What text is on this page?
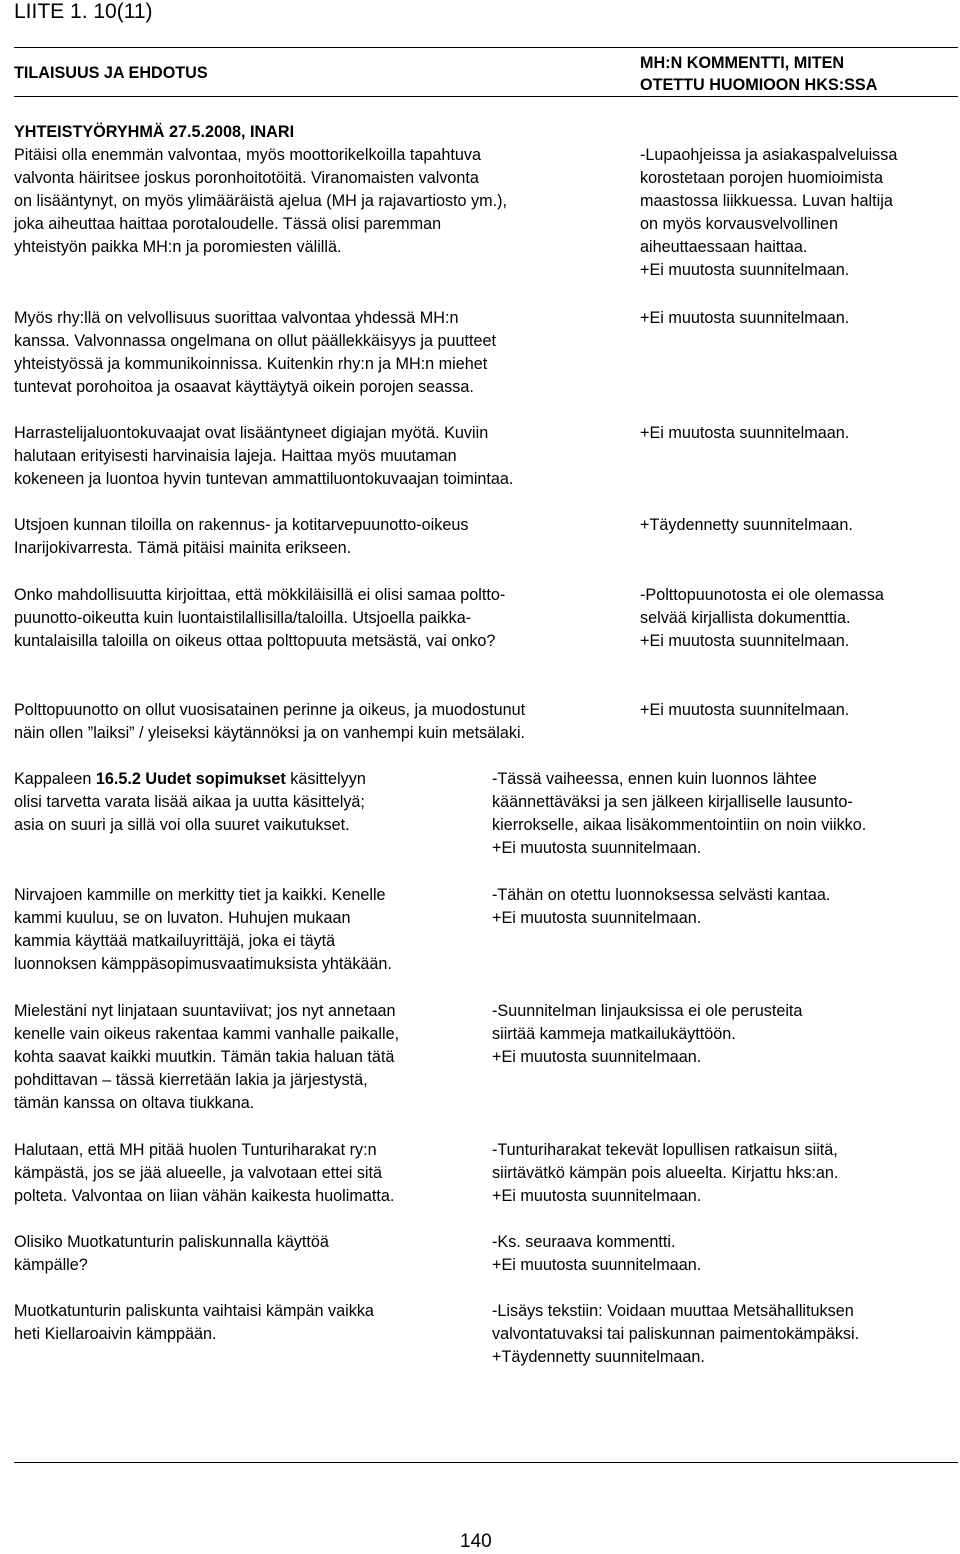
LIITE 1. 10(11)
TILAISUUS JA EHDOTUS
MH:N KOMMENTTI, MITEN
OTETTU HUOMIOON HKS:SSA
YHTEISTYÖRYHMÄ 27.5.2008, INARI
Pitäisi olla enemmän valvontaa, myös moottorikelkoilla tapahtuva
valvonta häiritsee joskus poronhoitotöitä. Viranomaisten valvonta
on lisääntynyt, on myös ylimääräistä ajelua (MH ja rajavartiosto ym.),
joka aiheuttaa haittaa porotaloudelle. Tässä olisi paremman
yhteistyön paikka MH:n ja poromiesten välillä.
-Lupaohjeissa ja asiakaspalveluissa
korostetaan porojen huomioimista
maastossa liikkuessa. Luvan haltija
on myös korvausvelvollinen
aiheuttaessaan haittaa.
+Ei muutosta suunnitelmaan.
Myös rhy:llä on velvollisuus suorittaa valvontaa yhdessä MH:n
kanssa. Valvonnassa ongelmana on ollut päällekkäisyys ja puutteet
yhteistyössä ja kommunikoinnissa. Kuitenkin rhy:n ja MH:n miehet
tuntevat porohoitoa ja osaavat käyttäytyä oikein porojen seassa.
+Ei muutosta suunnitelmaan.
Harrastelijaluontokuvaajat ovat lisääntyneet digiajan myötä. Kuviin
halutaan erityisesti harvinaisia lajeja. Haittaa myös muutaman
kokeneen ja luontoa hyvin tuntevan ammattiluontokuvaajan toimintaa.
+Ei muutosta suunnitelmaan.
Utsjoen kunnan tiloilla on rakennus- ja kotitarvepuunotto-oikeus
Inarijokivarresta. Tämä pitäisi mainita erikseen.
+Täydennetty suunnitelmaan.
Onko mahdollisuutta kirjoittaa, että mökkiläisillä ei olisi samaa poltto-
puunotto-oikeutta kuin luontaistilallisilla/taloilla. Utsjoella paikka-
kuntalaisilla taloilla on oikeus ottaa polttopuuta metsästä, vai onko?
-Polttopuunotosta ei ole olemassa
selvää kirjallista dokumenttia.
+Ei muutosta suunnitelmaan.
Polttopuunotto on ollut vuosisatainen perinne ja oikeus, ja muodostunut
näin ollen ”laiksi” / yleiseksi käytännöksi ja on vanhempi kuin metsälaki.
+Ei muutosta suunnitelmaan.
Kappaleen 16.5.2 Uudet sopimukset käsittelyyn
olisi tarvetta varata lisää aikaa ja uutta käsittelyä;
asia on suuri ja sillä voi olla suuret vaikutukset.
-Tässä vaiheessa, ennen kuin luonnos lähtee
käännettäväksi ja sen jälkeen kirjalliselle lausunto-
kierrokselle, aikaa lisäkommentointiin on noin viikko.
+Ei muutosta suunnitelmaan.
Nirvajoen kammille on merkitty tiet ja kaikki. Kenelle
kammi kuuluu, se on luvaton. Huhujen mukaan
kammia käyttää matkailuyrittäjä, joka ei täytä
luonnoksen kämppäsopimusvaatimuksista yhtäkään.
-Tähän on otettu luonnoksessa selvästi kantaa.
+Ei muutosta suunnitelmaan.
Mielestäni nyt linjataan suuntaviivat; jos nyt annetaan
kenelle vain oikeus rakentaa kammi vanhalle paikalle,
kohta saavat kaikki muutkin. Tämän takia haluan tätä
pohdittavan – tässä kierretään lakia ja järjestystä,
tämän kanssa on oltava tiukkana.
-Suunnitelman linjauksissa ei ole perusteita
siirtää kammeja matkailukäyttöön.
+Ei muutosta suunnitelmaan.
Halutaan, että MH pitää huolen Tunturiharakat ry:n
kämpästä, jos se jää alueelle, ja valvotaan ettei sitä
polteta. Valvontaa on liian vähän kaikesta huolimatta.
-Tunturiharakat tekevät lopullisen ratkaisun siitä,
siirtävätkö kämpän pois alueelta. Kirjattu hks:an.
+Ei muutosta suunnitelmaan.
Olisiko Muotkatunturin paliskunnalla käyttöä
kämpälle?
-Ks. seuraava kommentti.
+Ei muutosta suunnitelmaan.
Muotkatunturin paliskunta vaihtaisi kämpän vaikka
heti Kiellaroaivin kämppään.
-Lisäys tekstiin: Voidaan muuttaa Metsähallituksen
valvontatuvaksi tai paliskunnan paimentokämpäksi.
+Täydennetty suunnitelmaan.
140
